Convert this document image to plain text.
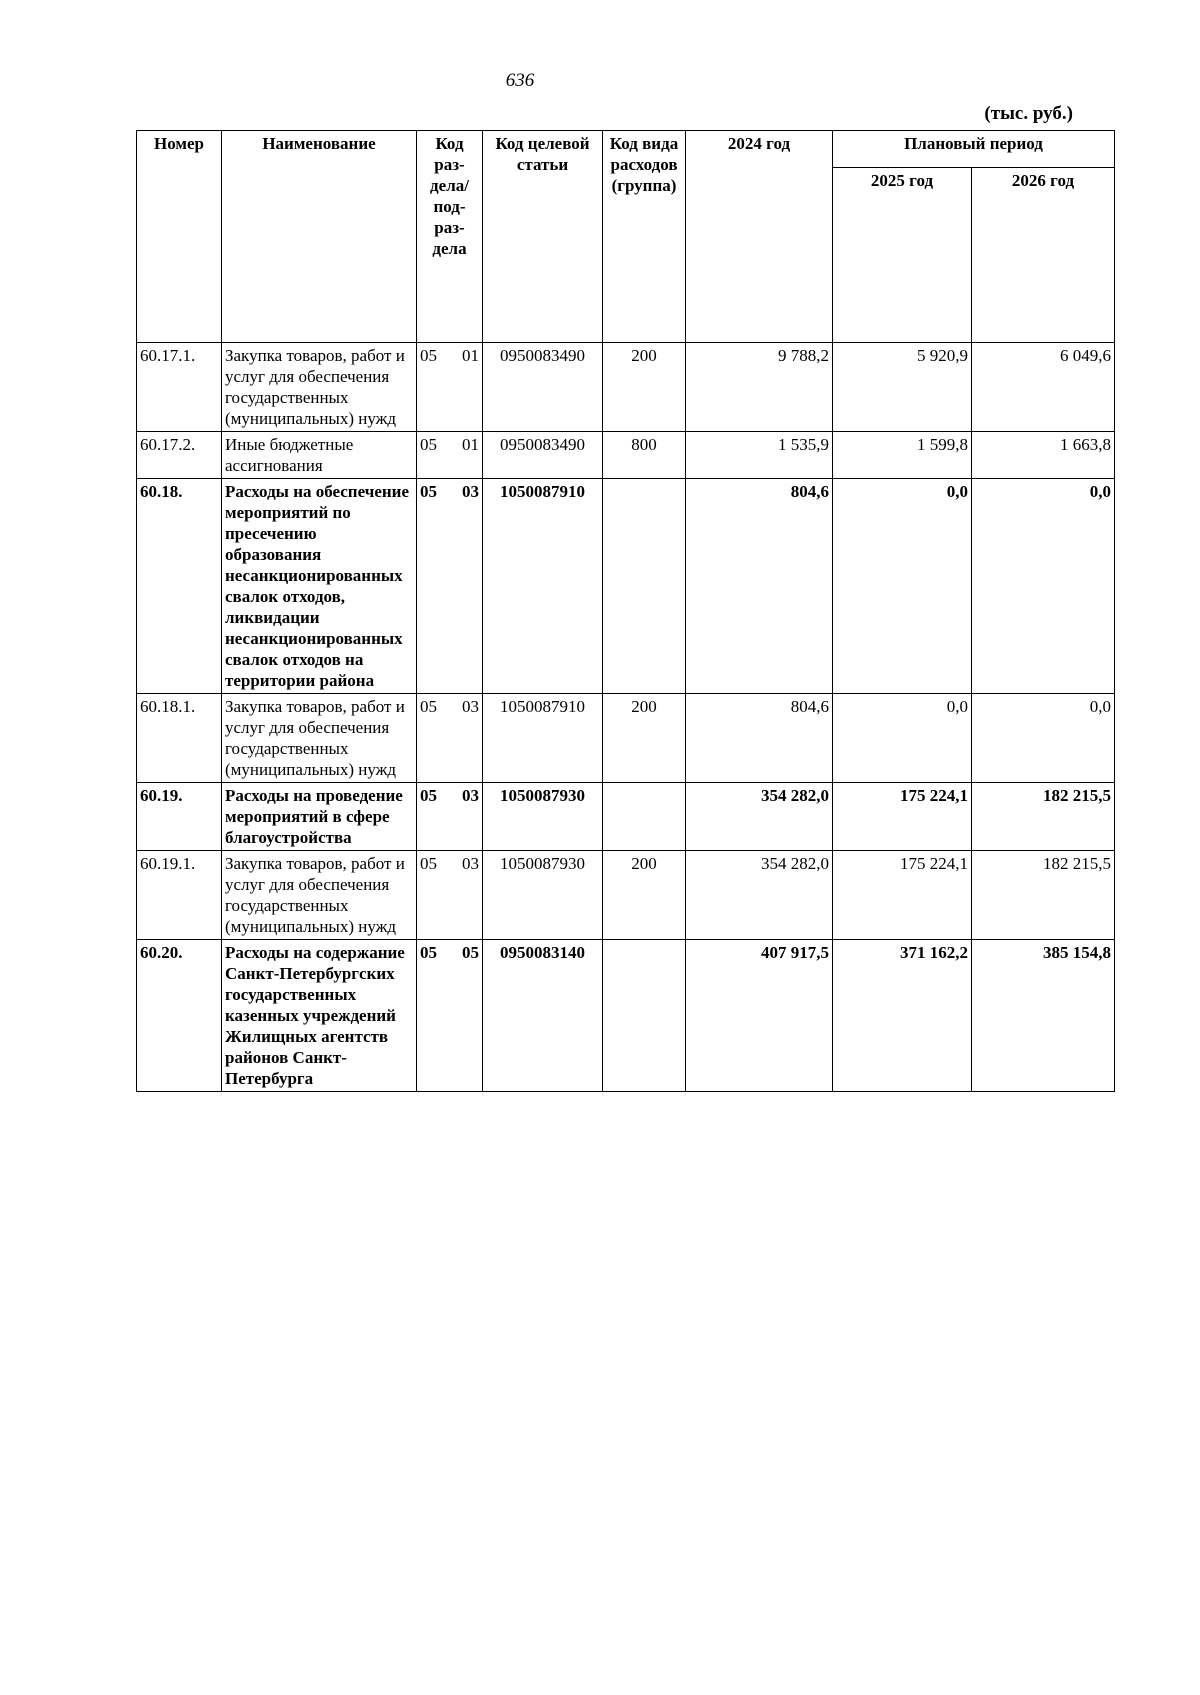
636
(тыс. руб.)
Номер	Наименование	Код раз- дела/ под- раз- дела	Код целевой статьи	Код вида расходов (группа)	2024 год	Плановый период	
						2025 год	2026 год
60.17.1.	Закупка товаров, работ и услуг для обеспечения государственных (муниципальных) нужд	05 01	0950083490	200	9 788,2	5 920,9	6 049,6
60.17.2.	Иные бюджетные ассигнования	05 01	0950083490	800	1 535,9	1 599,8	1 663,8
60.18.	Расходы на обеспечение мероприятий по пресечению образования несанкционированных свалок отходов, ликвидации несанкционированных свалок отходов на территории района	05 03	1050087910		804,6	0,0	0,0
60.18.1.	Закупка товаров, работ и услуг для обеспечения государственных (муниципальных) нужд	05 03	1050087910	200	804,6	0,0	0,0
60.19.	Расходы на проведение мероприятий в сфере благоустройства	05 03	1050087930		354 282,0	175 224,1	182 215,5
60.19.1.	Закупка товаров, работ и услуг для обеспечения государственных (муниципальных) нужд	05 03	1050087930	200	354 282,0	175 224,1	182 215,5
60.20.	Расходы на содержание Санкт-Петербургских государственных казенных учреждений Жилищных агентств районов Санкт-Петербурга	05 05	0950083140		407 917,5	371 162,2	385 154,8
